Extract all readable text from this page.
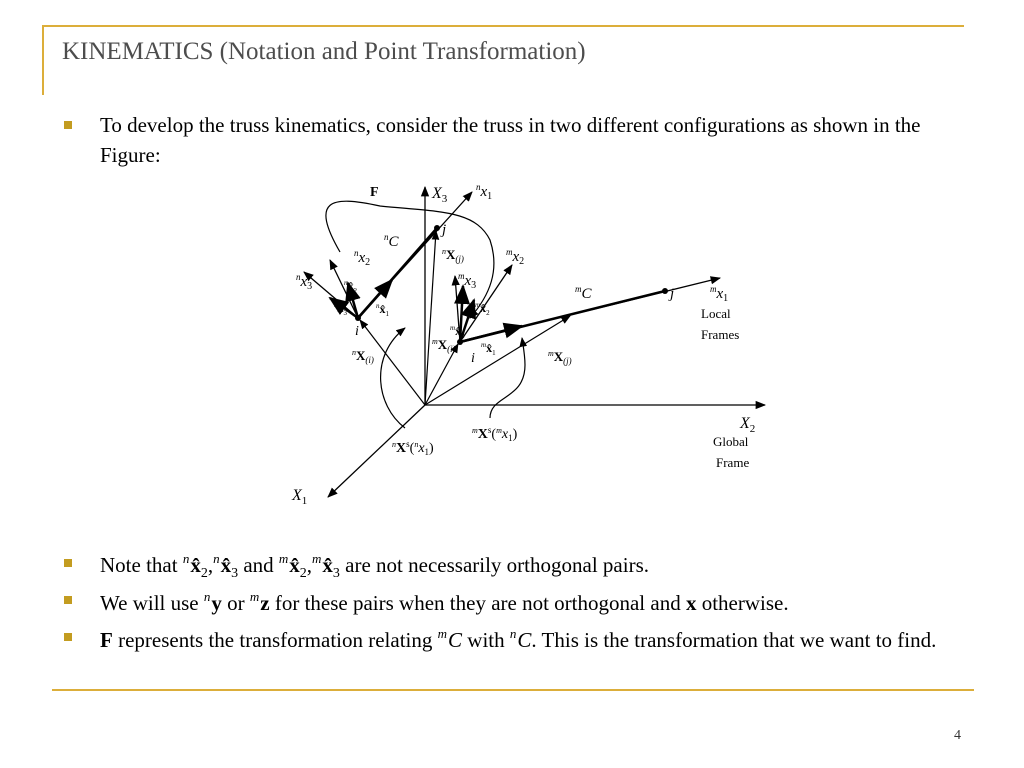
KINEMATICS (Notation and Point Transformation)
To develop the truss kinematics, consider the truss in two different configurations as shown in the Figure:
F	$X_3$
$^nx_1$
j
$^n$C
$^nX_{(j)}$
$^mx_2$
$^nx_2$
$^mx_3$
$^nx_3$	$^nx̂_2$	$^m$C	j	$^mx_1$
Local
Frames
$^nx̂_3$
$^nx̂_1$
$^mx̂_2$
i	$^mx̂_3$
$^mX_{(i)}$	$^mx̂_1$
i
$^nX_{(i)}$
$^mX_{(j)}$
$X_2$
$^mX^s(^mx_1)$	Global
Frame
$^nX^s(^nx_1)$
$X_1$
Note that $^nx̂_2,^nx̂_3$ and $^mx̂_2,^mx̂_3$ are not necessarily orthogonal pairs.
We will use $^n$y or $^m$z for these pairs when they are not orthogonal and x otherwise.
F represents the transformation relating $^m$C with $^n$C. This is the transformation that we want to find.
4
